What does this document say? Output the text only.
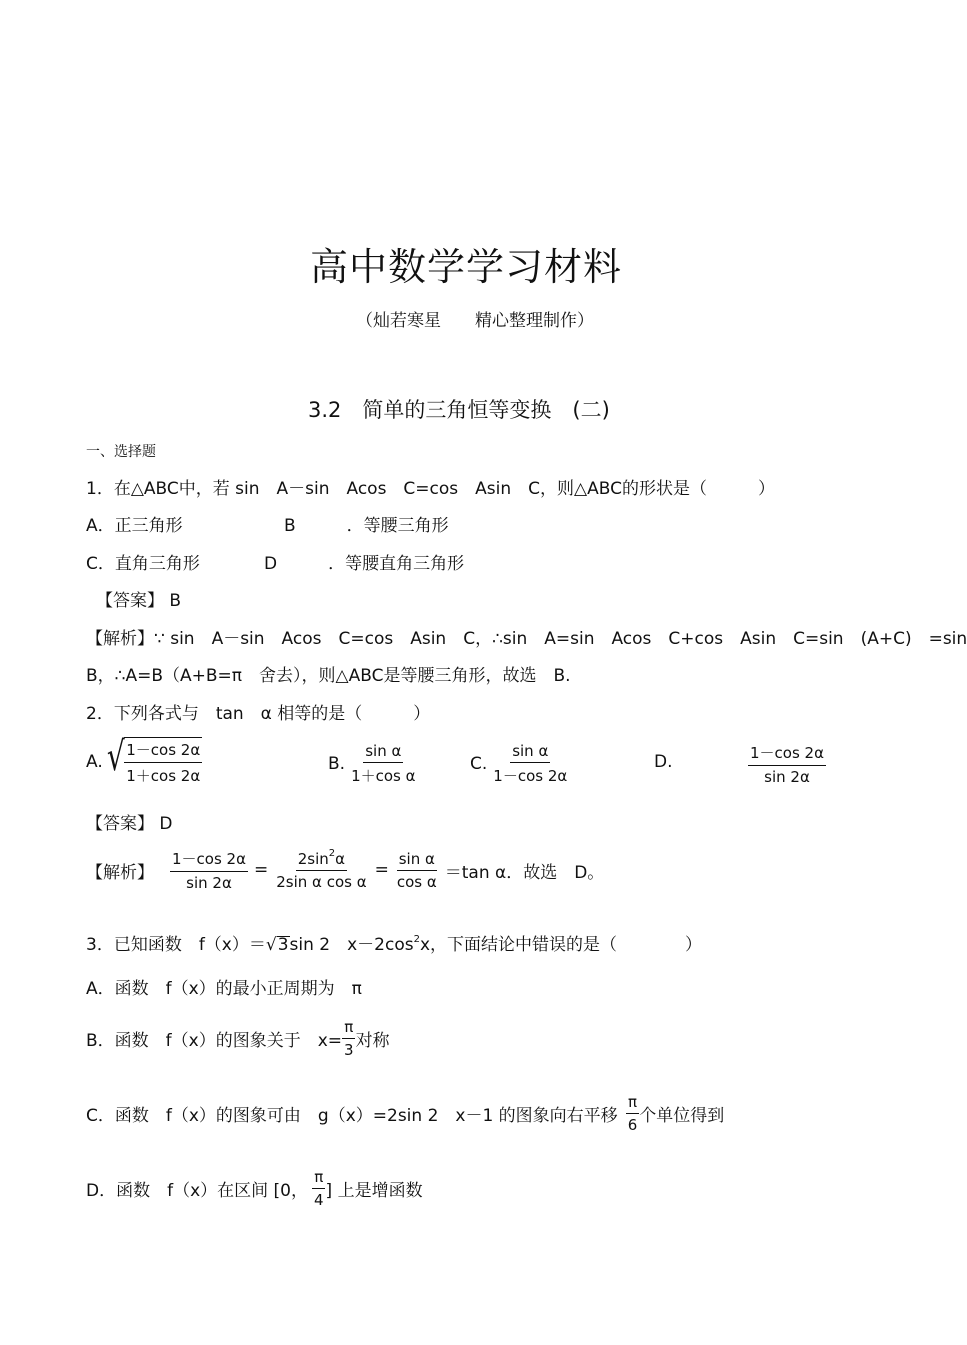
高中数学学习材料
（灿若寒星　　精心整理制作）
3.2　简单的三角恒等变换　(二)
一、选择题
1．在△ABC中，若 sin　A－sin　Acos　C=cos　Asin　C，则△ABC的形状是（　　　）
A．正三角形	B　　　．等腰三角形
C．直角三角形	D　　　．等腰直角三角形
【答案】 B
【解析】∵ sin　A－sin　Acos　C=cos　Asin　C，∴sin　A=sin　Acos　C+cos　Asin　C=sin　(A+C)　=sin
B，∴A=B（A+B=π　舍去），则△ABC是等腰三角形，故选　B.
2．下列各式与　tan　α 相等的是（　　　）
A. √ $\frac{1-\cos 2\alpha}{1+\cos 2\alpha}$	B. $\frac{\text{sin α}}{\text{1＋cos α}}$	C. $\frac{\text{sin α}}{1-\cos 2\alpha}$	D.	$\frac{1-\cos 2\alpha}{\sin 2\alpha}$
【答案】 D
【解析】 $\frac{1-\cos 2\alpha}{\sin 2\alpha} = \frac{2\sin^2\alpha}{\text{2sin α cos α}} = \frac{\text{sin α}}{\text{cos α}} =\tan$ α．故选　D。
3．已知函数　f（x）＝√3sin 2　$x-2\cos^2x$，下面结论中错误的是（　　　　）
A．函数　f（x）的最小正周期为　π
B．函数　f（x）的图象关于　$x= \frac{\pi}{3}$ 对称
C．函数　f（x）的图象可由　g（x）=2sin 2　x－1 的图象向右平移 $\frac{\pi}{6}$ 个单位得到
D．函数　f（x）在区间 [0， $\frac{\pi}{4}$ ] 上是增函数
